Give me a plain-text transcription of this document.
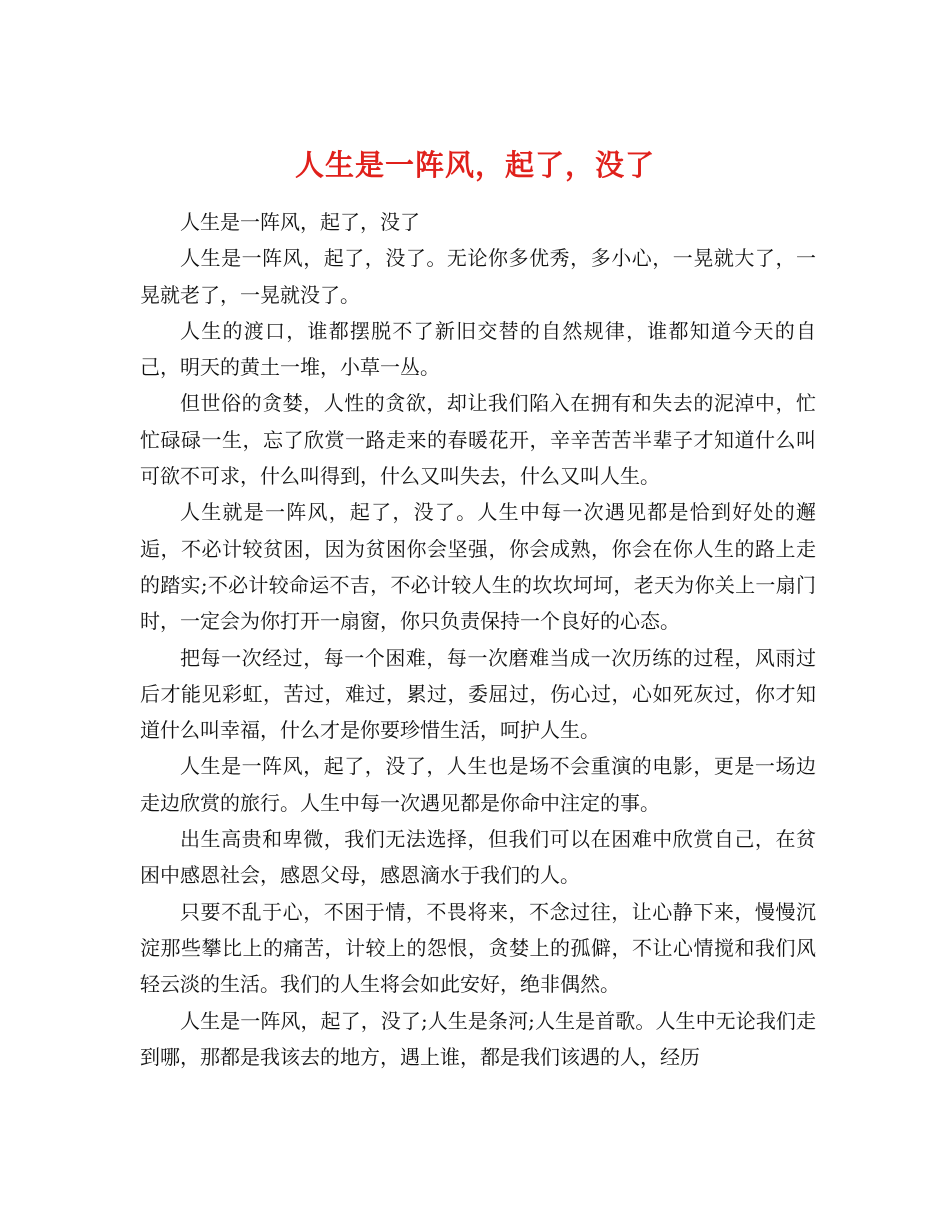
人生是一阵风，起了，没了

人生是一阵风，起了，没了

人生是一阵风，起了，没了。无论你多优秀，多小心，一晃就大了，一晃就老了，一晃就没了。

人生的渡口，谁都摆脱不了新旧交替的自然规律，谁都知道今天的自己，明天的黄土一堆，小草一丛。

但世俗的贪婪，人性的贪欲，却让我们陷入在拥有和失去的泥淖中，忙忙碌碌一生，忘了欣赏一路走来的春暖花开，辛辛苦苦半辈子才知道什么叫可欲不可求，什么叫得到，什么又叫失去，什么又叫人生。

人生就是一阵风，起了，没了。人生中每一次遇见都是恰到好处的邂逅，不必计较贫困，因为贫困你会坚强，你会成熟，你会在你人生的路上走的踏实;不必计较命运不吉，不必计较人生的坎坎坷坷，老天为你关上一扇门时，一定会为你打开一扇窗，你只负责保持一个良好的心态。

把每一次经过，每一个困难，每一次磨难当成一次历练的过程，风雨过后才能见彩虹，苦过，难过，累过，委屈过，伤心过，心如死灰过，你才知道什么叫幸福，什么才是你要珍惜生活，呵护人生。

人生是一阵风，起了，没了，人生也是场不会重演的电影，更是一场边走边欣赏的旅行。人生中每一次遇见都是你命中注定的事。

出生高贵和卑微，我们无法选择，但我们可以在困难中欣赏自己，在贫困中感恩社会，感恩父母，感恩滴水于我们的人。

只要不乱于心，不困于情，不畏将来，不念过往，让心静下来，慢慢沉淀那些攀比上的痛苦，计较上的怨恨，贪婪上的孤僻，不让心情搅和我们风轻云淡的生活。我们的人生将会如此安好，绝非偶然。

人生是一阵风，起了，没了;人生是条河;人生是首歌。人生中无论我们走到哪，那都是我该去的地方，遇上谁，都是我们该遇的人，经历
